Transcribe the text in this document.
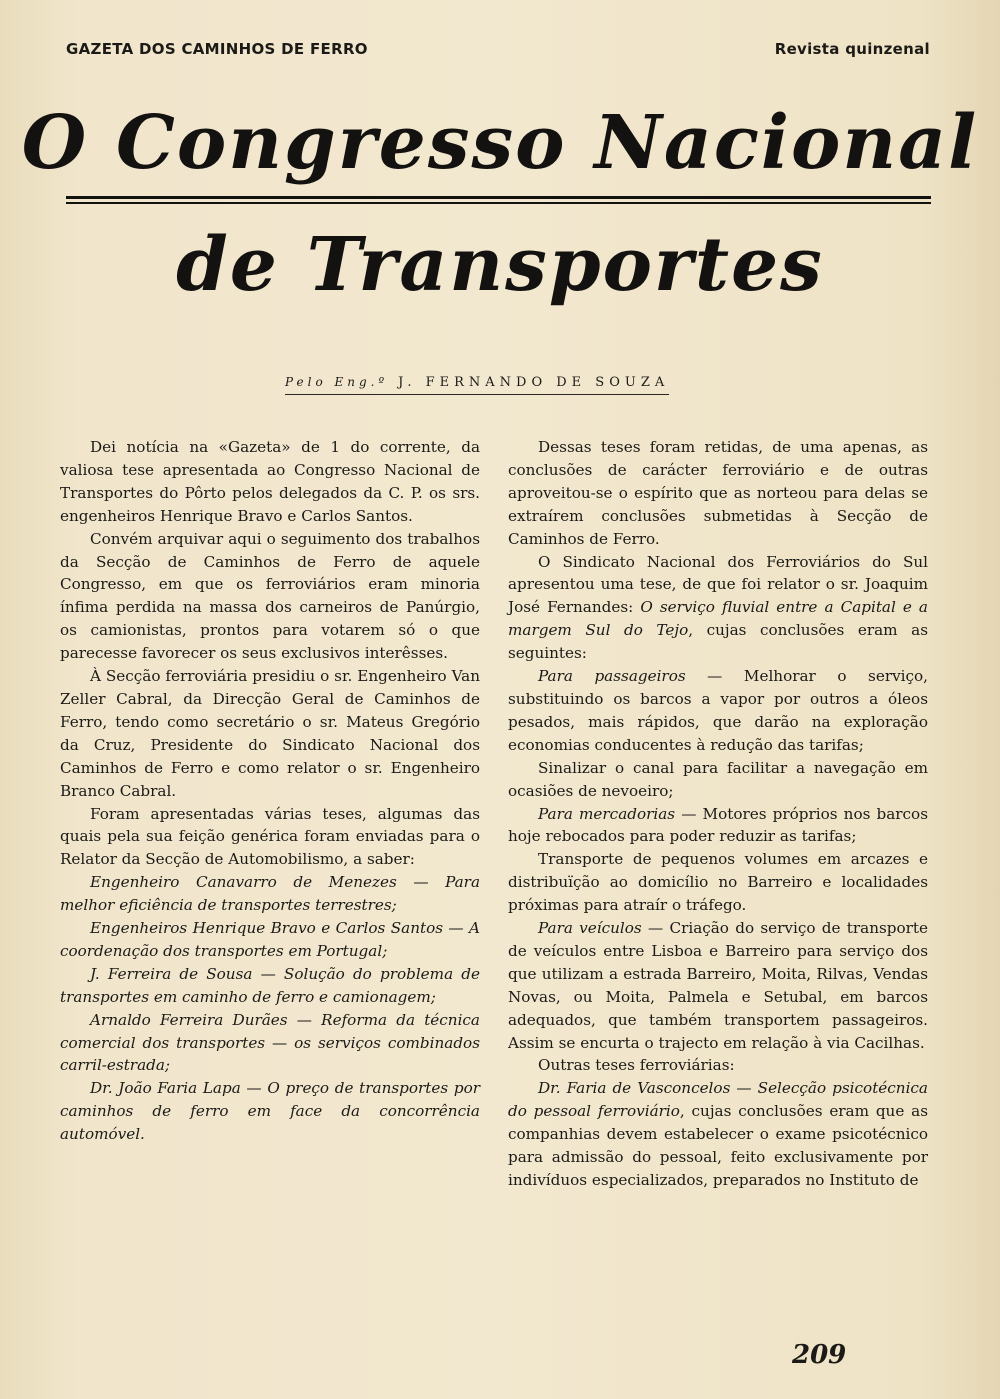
GAZETA DOS CAMINHOS DE FERRO	Revista quinzenal
O Congresso Nacional
de Transportes
Pelo Eng.º J. FERNANDO DE SOUZA

Dei notícia na «Gazeta» de 1 do corrente, da valiosa tese apresentada ao Congresso Nacional de Transportes do Pôrto pelos delegados da C. P. os srs. engenheiros Henrique Bravo e Carlos Santos.

Convém arquivar aqui o seguimento dos trabalhos da Secção de Caminhos de Ferro de aquele Congresso, em que os ferroviários eram minoria ínfima perdida na massa dos carneiros de Panúrgio, os camionistas, prontos para votarem só o que parecesse favorecer os seus exclusivos interêsses.

À Secção ferroviária presidiu o sr. Engenheiro Van Zeller Cabral, da Direcção Geral de Caminhos de Ferro, tendo como secretário o sr. Mateus Gregório da Cruz, Presidente do Sindicato Nacional dos Caminhos de Ferro e como relator o sr. Engenheiro Branco Cabral.

Foram apresentadas várias teses, algumas das quais pela sua feição genérica foram enviadas para o Relator da Secção de Automobilismo, a saber:

Engenheiro Canavarro de Menezes — Para melhor eficiência de transportes terrestres;

Engenheiros Henrique Bravo e Carlos Santos — A coordenação dos transportes em Portugal;

J. Ferreira de Sousa — Solução do problema de transportes em caminho de ferro e camionagem;

Arnaldo Ferreira Durães — Reforma da técnica comercial dos transportes — os serviços combinados carril-estrada;

Dr. João Faria Lapa — O preço de transportes por caminhos de ferro em face da concorrência automóvel.

Dessas teses foram retidas, de uma apenas, as conclusões de carácter ferroviário e de outras aproveitou-se o espírito que as norteou para delas se extraírem conclusões submetidas à Secção de Caminhos de Ferro.

O Sindicato Nacional dos Ferroviários do Sul apresentou uma tese, de que foi relator o sr. Joaquim José Fernandes: O serviço fluvial entre a Capital e a margem Sul do Tejo, cujas conclusões eram as seguintes:

Para passageiros — Melhorar o serviço, substituindo os barcos a vapor por outros a óleos pesados, mais rápidos, que darão na exploração economias conducentes à redução das tarifas;

Sinalizar o canal para facilitar a navegação em ocasiões de nevoeiro;

Para mercadorias — Motores próprios nos barcos hoje rebocados para poder reduzir as tarifas;

Transporte de pequenos volumes em arcazes e distribuïção ao domicílio no Barreiro e localidades próximas para atraír o tráfego.

Para veículos — Criação do serviço de transporte de veículos entre Lisboa e Barreiro para serviço dos que utilizam a estrada Barreiro, Moita, Rilvas, Vendas Novas, ou Moita, Palmela e Setubal, em barcos adequados, que também transportem passageiros. Assim se encurta o trajecto em relação à via Cacilhas.

Outras teses ferroviárias:

Dr. Faria de Vasconcelos — Selecção psicotécnica do pessoal ferroviário, cujas conclusões eram que as companhias devem estabelecer o exame psicotécnico para admissão do pessoal, feito exclusivamente por indivíduos especializados, preparados no Instituto de

209
